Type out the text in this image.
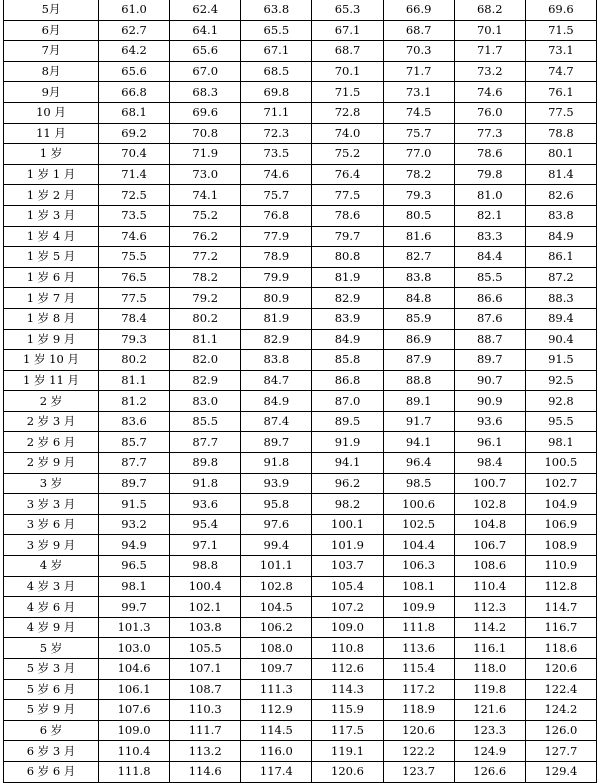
5月	61.0	62.4	63.8	65.3	66.9	68.2	69.6
6月	62.7	64.1	65.5	67.1	68.7	70.1	71.5
7月	64.2	65.6	67.1	68.7	70.3	71.7	73.1
8月	65.6	67.0	68.5	70.1	71.7	73.2	74.7
9月	66.8	68.3	69.8	71.5	73.1	74.6	76.1
10 月	68.1	69.6	71.1	72.8	74.5	76.0	77.5
11 月	69.2	70.8	72.3	74.0	75.7	77.3	78.8
1 岁	70.4	71.9	73.5	75.2	77.0	78.6	80.1
1 岁 1 月	71.4	73.0	74.6	76.4	78.2	79.8	81.4
1 岁 2 月	72.5	74.1	75.7	77.5	79.3	81.0	82.6
1 岁 3 月	73.5	75.2	76.8	78.6	80.5	82.1	83.8
1 岁 4 月	74.6	76.2	77.9	79.7	81.6	83.3	84.9
1 岁 5 月	75.5	77.2	78.9	80.8	82.7	84.4	86.1
1 岁 6 月	76.5	78.2	79.9	81.9	83.8	85.5	87.2
1 岁 7 月	77.5	79.2	80.9	82.9	84.8	86.6	88.3
1 岁 8 月	78.4	80.2	81.9	83.9	85.9	87.6	89.4
1 岁 9 月	79.3	81.1	82.9	84.9	86.9	88.7	90.4
1 岁 10 月	80.2	82.0	83.8	85.8	87.9	89.7	91.5
1 岁 11 月	81.1	82.9	84.7	86.8	88.8	90.7	92.5
2 岁	81.2	83.0	84.9	87.0	89.1	90.9	92.8
2 岁 3 月	83.6	85.5	87.4	89.5	91.7	93.6	95.5
2 岁 6 月	85.7	87.7	89.7	91.9	94.1	96.1	98.1
2 岁 9 月	87.7	89.8	91.8	94.1	96.4	98.4	100.5
3 岁	89.7	91.8	93.9	96.2	98.5	100.7	102.7
3 岁 3 月	91.5	93.6	95.8	98.2	100.6	102.8	104.9
3 岁 6 月	93.2	95.4	97.6	100.1	102.5	104.8	106.9
3 岁 9 月	94.9	97.1	99.4	101.9	104.4	106.7	108.9
4 岁	96.5	98.8	101.1	103.7	106.3	108.6	110.9
4 岁 3 月	98.1	100.4	102.8	105.4	108.1	110.4	112.8
4 岁 6 月	99.7	102.1	104.5	107.2	109.9	112.3	114.7
4 岁 9 月	101.3	103.8	106.2	109.0	111.8	114.2	116.7
5 岁	103.0	105.5	108.0	110.8	113.6	116.1	118.6
5 岁 3 月	104.6	107.1	109.7	112.6	115.4	118.0	120.6
5 岁 6 月	106.1	108.7	111.3	114.3	117.2	119.8	122.4
5 岁 9 月	107.6	110.3	112.9	115.9	118.9	121.6	124.2
6 岁	109.0	111.7	114.5	117.5	120.6	123.3	126.0
6 岁 3 月	110.4	113.2	116.0	119.1	122.2	124.9	127.7
6 岁 6 月	111.8	114.6	117.4	120.6	123.7	126.6	129.4
